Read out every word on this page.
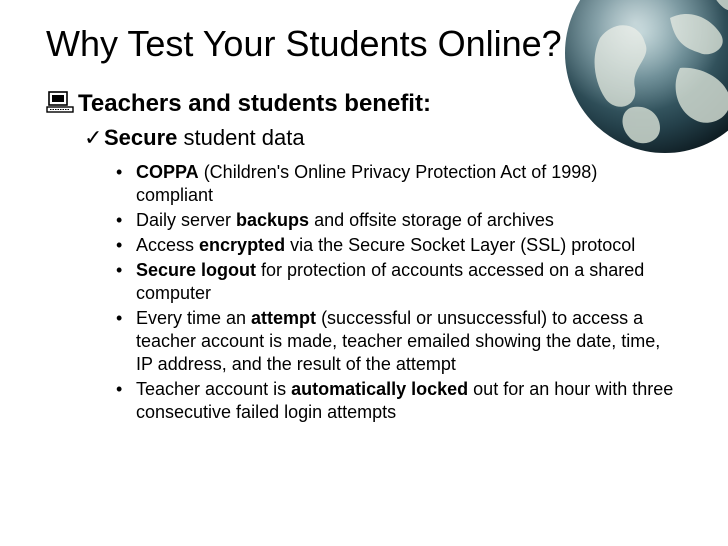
Why Test Your Students Online?
Teachers and students benefit:
✓Secure student data
• COPPA (Children's Online Privacy Protection Act of 1998) compliant
• Daily server backups and offsite storage of archives
• Access encrypted via the Secure Socket Layer (SSL) protocol
• Secure logout for protection of accounts accessed on a shared computer
• Every time an attempt (successful or unsuccessful) to access a teacher account is made, teacher emailed showing the date, time, IP address, and the result of the attempt
• Teacher account is automatically locked out for an hour with three consecutive failed login attempts
